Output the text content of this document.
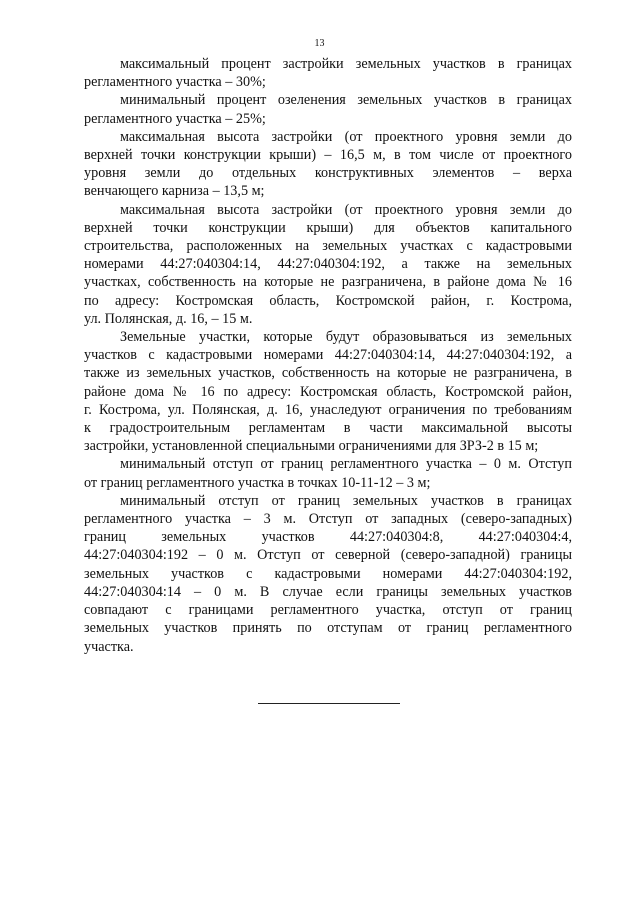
13

максимальный процент застройки земельных участков в границах
регламентного участка – 30%;

минимальный процент озеленения земельных участков в границах
регламентного участка – 25%;

максимальная высота застройки (от проектного уровня земли до
верхней точки конструкции крыши) – 16,5 м, в том числе от проектного
уровня земли до отдельных конструктивных элементов – верха
венчающего карниза – 13,5 м;

максимальная высота застройки (от проектного уровня земли до
верхней точки конструкции крыши) для объектов капитального
строительства, расположенных на земельных участках с кадастровыми
номерами 44:27:040304:14, 44:27:040304:192, а также на земельных
участках, собственность на которые не разграничена, в районе дома № 16
по адресу: Костромская область, Костромской район, г. Кострома,
ул. Полянская, д. 16, – 15 м.

Земельные участки, которые будут образовываться из земельных
участков с кадастровыми номерами 44:27:040304:14, 44:27:040304:192, а
также из земельных участков, собственность на которые не разграничена, в
районе дома № 16 по адресу: Костромская область, Костромской район,
г. Кострома, ул. Полянская, д. 16, унаследуют ограничения по требованиям
к градостроительным регламентам в части максимальной высоты
застройки, установленной специальными ограничениями для ЗРЗ-2 в 15 м;

минимальный отступ от границ регламентного участка – 0 м. Отступ
от границ регламентного участка в точках 10-11-12 – 3 м;

минимальный отступ от границ земельных участков в границах
регламентного участка – 3 м. Отступ от западных (северо-западных)
границ земельных участков 44:27:040304:8, 44:27:040304:4,
44:27:040304:192 – 0 м. Отступ от северной (северо-западной) границы
земельных участков с кадастровыми номерами 44:27:040304:192,
44:27:040304:14 – 0 м. В случае если границы земельных участков
совпадают с границами регламентного участка, отступ от границ
земельных участков принять по отступам от границ регламентного
участка.
